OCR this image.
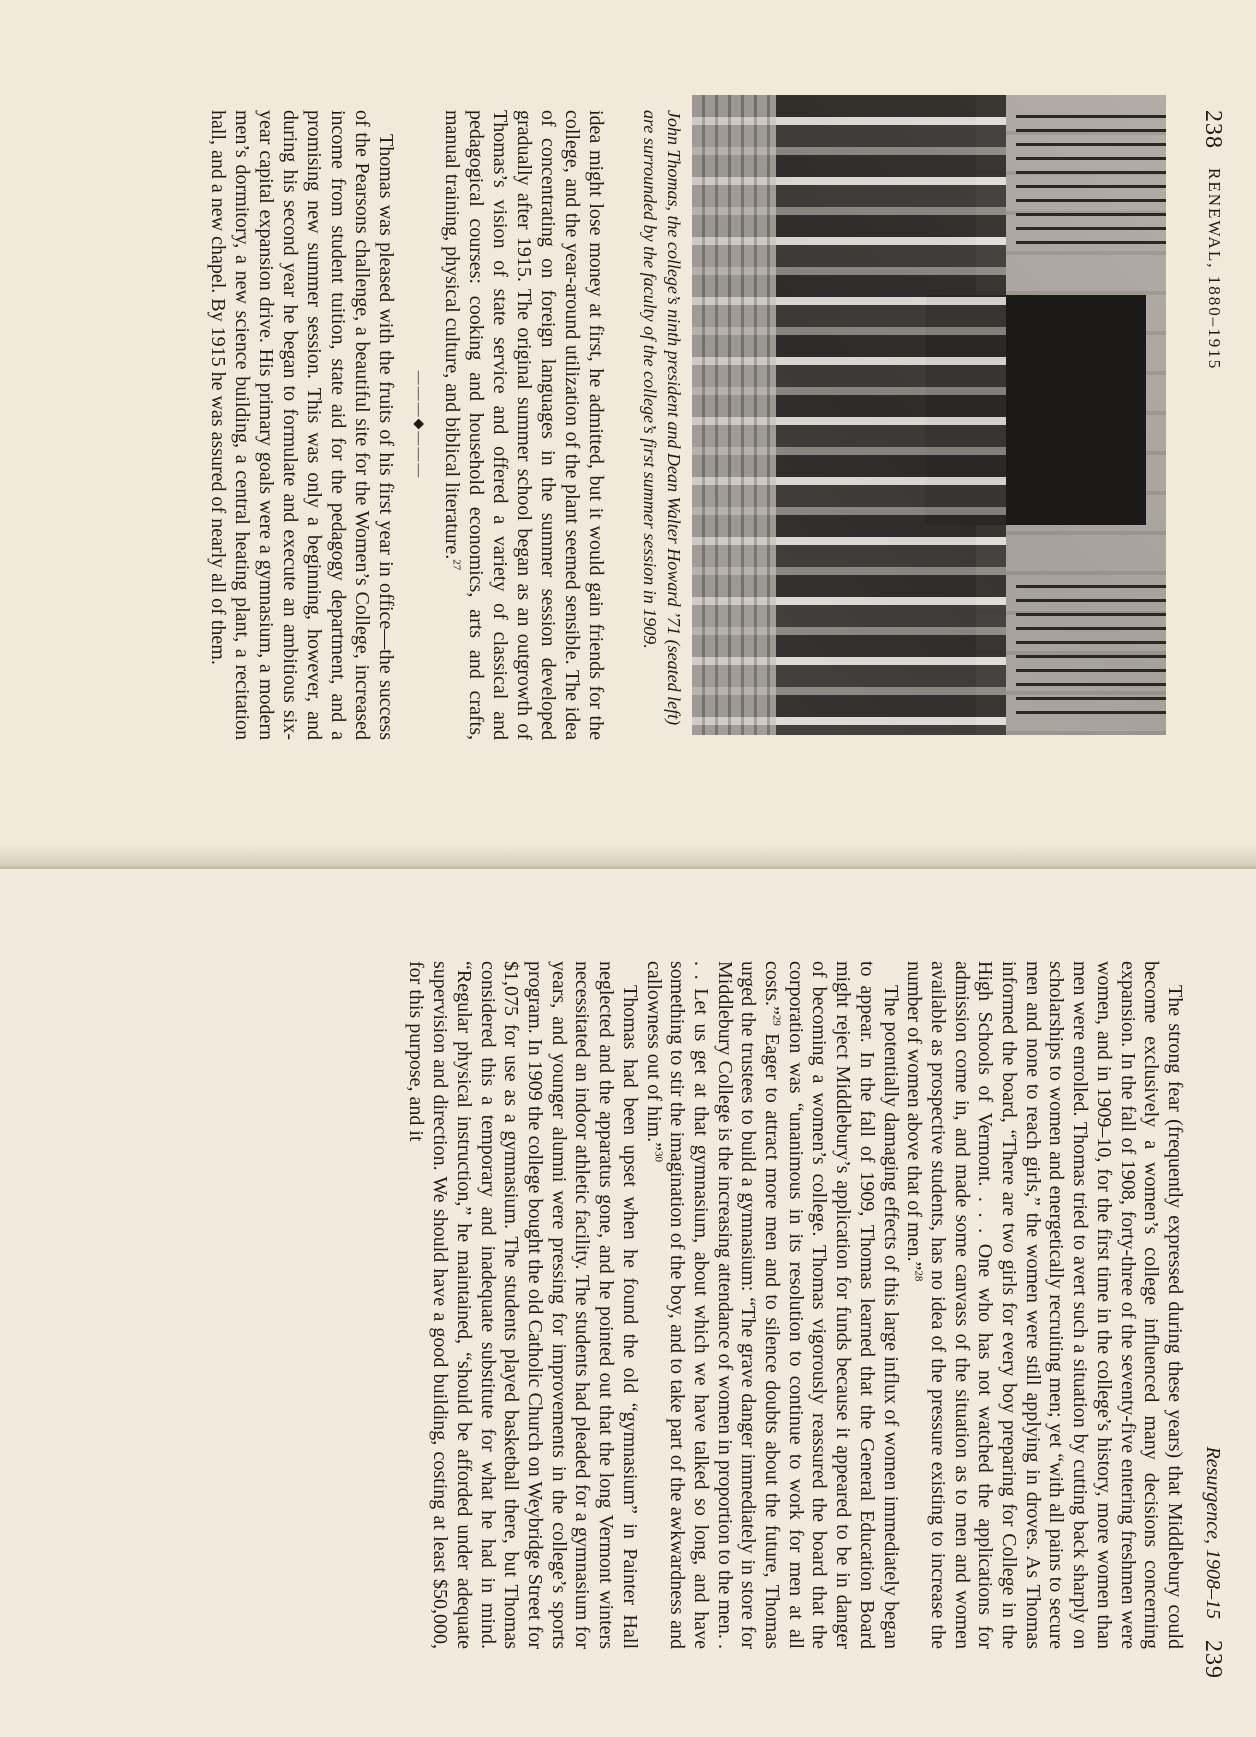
238
RENEWAL, 1880–1915
John Thomas, the college’s ninth president and Dean Walter Howard ’71 (seated left) are surrounded by the faculty of the college’s first summer session in 1909.

idea might lose money at first, he admitted, but it would gain friends for the college, and the year-around utilization of the plant seemed sensible. The idea of concentrating on foreign languages in the summer session developed gradually after 1915. The original summer school began as an outgrowth of Thomas’s vision of state service and offered a variety of classical and pedagogical courses: cooking and household economics, arts and crafts, manual training, physical culture, and biblical literature.$^{27}$

———◆———

Thomas was pleased with the fruits of his first year in office—the success of the Pearsons challenge, a beautiful site for the Women’s College, increased income from student tuition, state aid for the pedagogy department, and a promising new summer session. This was only a beginning, however, and during his second year he began to formulate and execute an ambitious six-year capital expansion drive. His primary goals were a gymnasium, a modern men’s dormitory, a new science building, a central heating plant, a recitation hall, and a new chapel. By 1915 he was assured of nearly all of them.

Resurgence, 1908–15
239

The strong fear (frequently expressed during these years) that Middlebury could become exclusively a women’s college influenced many decisions concerning expansion. In the fall of 1908, forty-three of the seventy-five entering freshmen were women, and in 1909–10, for the first time in the college’s history, more women than men were enrolled. Thomas tried to avert such a situation by cutting back sharply on scholarships to women and energetically recruiting men; yet “with all pains to secure men and none to reach girls,” the women were still applying in droves. As Thomas informed the board, “There are two girls for every boy preparing for College in the High Schools of Vermont. . . . One who has not watched the applications for admission come in, and made some canvass of the situation as to men and women available as prospective students, has no idea of the pressure existing to increase the number of women above that of men.”$^{28}$

The potentially damaging effects of this large influx of women immediately began to appear. In the fall of 1909, Thomas learned that the General Education Board might reject Middlebury’s application for funds because it appeared to be in danger of becoming a women’s college. Thomas vigorously reassured the board that the corporation was “unanimous in its resolution to continue to work for men at all costs.”$^{29}$ Eager to attract more men and to silence doubts about the future, Thomas urged the trustees to build a gymnasium: “The grave danger immediately in store for Middlebury College is the increasing attendance of women in proportion to the men. . . . Let us get at that gymnasium, about which we have talked so long, and have something to stir the imagination of the boy, and to take part of the awkwardness and callowness out of him.”$^{30}$

Thomas had been upset when he found the old “gymnasium” in Painter Hall neglected and the apparatus gone, and he pointed out that the long Vermont winters necessitated an indoor athletic facility. The students had pleaded for a gymnasium for years, and younger alumni were pressing for improvements in the college’s sports program. In 1909 the college bought the old Catholic Church on Weybridge Street for $1,075 for use as a gymnasium. The students played basketball there, but Thomas considered this a temporary and inadequate substitute for what he had in mind. “Regular physical instruction,” he maintained, “should be afforded under adequate supervision and direction. We should have a good building, costing at least $50,000, for this purpose, and it
